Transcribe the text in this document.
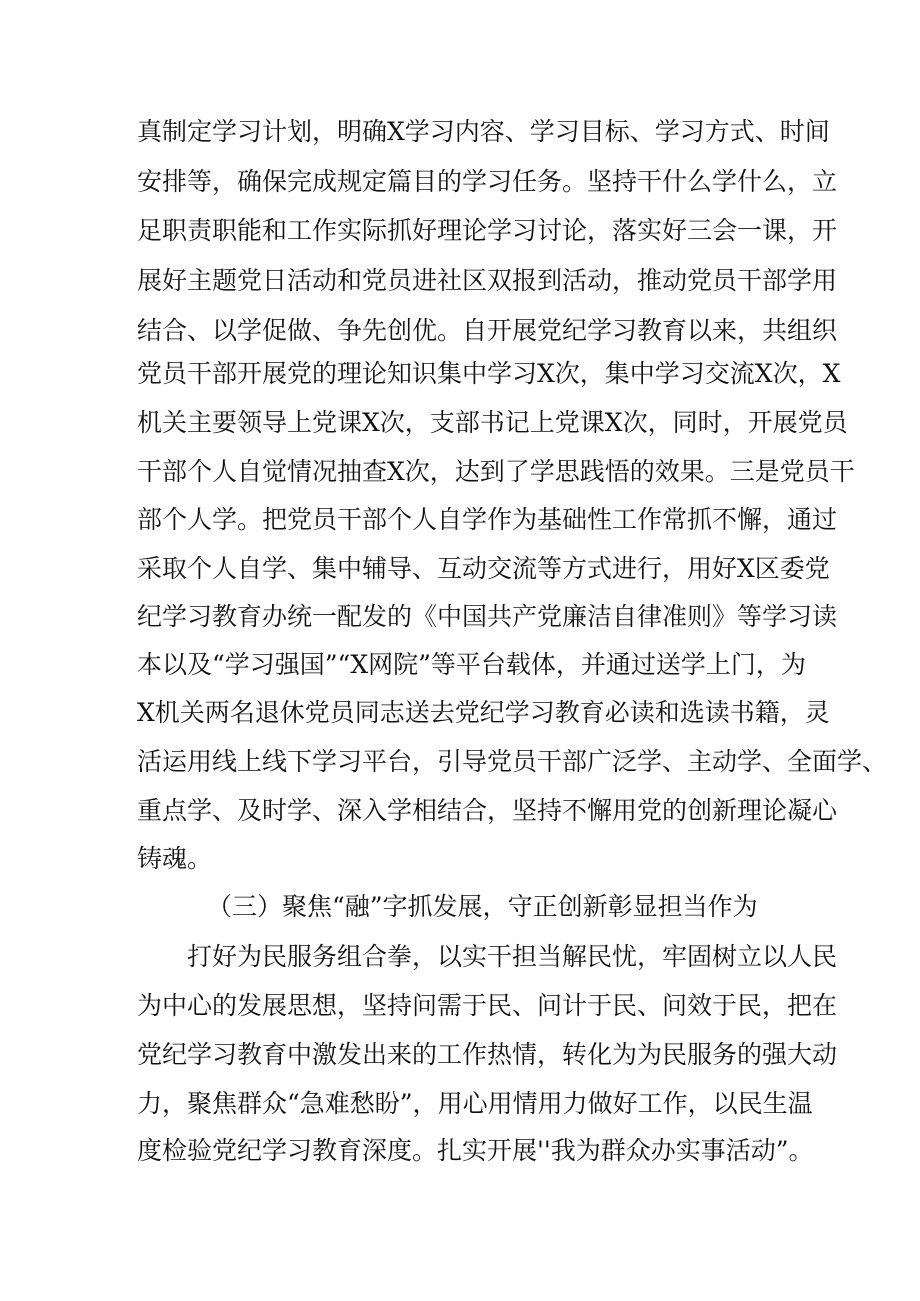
真制定学习计划，明确X学习内容、学习目标、学习方式、时间
安排等，确保完成规定篇目的学习任务。坚持干什么学什么，立
足职责职能和工作实际抓好理论学习讨论，落实好三会一课，开
展好主题党日活动和党员进社区双报到活动，推动党员干部学用
结合、以学促做、争先创优。自开展党纪学习教育以来，共组织
党员干部开展党的理论知识集中学习X次，集中学习交流X次，X
机关主要领导上党课X次，支部书记上党课X次，同时，开展党员
干部个人自觉情况抽查X次，达到了学思践悟的效果。三是党员干
部个人学。把党员干部个人自学作为基础性工作常抓不懈，通过
采取个人自学、集中辅导、互动交流等方式进行，用好X区委党
纪学习教育办统一配发的《中国共产党廉洁自律准则》等学习读
本以及“学习强国”“X网院”等平台载体，并通过送学上门，为
X机关两名退休党员同志送去党纪学习教育必读和选读书籍，灵
活运用线上线下学习平台，引导党员干部广泛学、主动学、全面学、
重点学、及时学、深入学相结合，坚持不懈用党的创新理论凝心
铸魂。
（三）聚焦“融”字抓发展，守正创新彰显担当作为
打好为民服务组合拳，以实干担当解民忧，牢固树立以人民
为中心的发展思想，坚持问需于民、问计于民、问效于民，把在
党纪学习教育中激发出来的工作热情，转化为为民服务的强大动
力，聚焦群众“急难愁盼”，用心用情用力做好工作，以民生温
度检验党纪学习教育深度。扎实开展''我为群众办实事活动”。
